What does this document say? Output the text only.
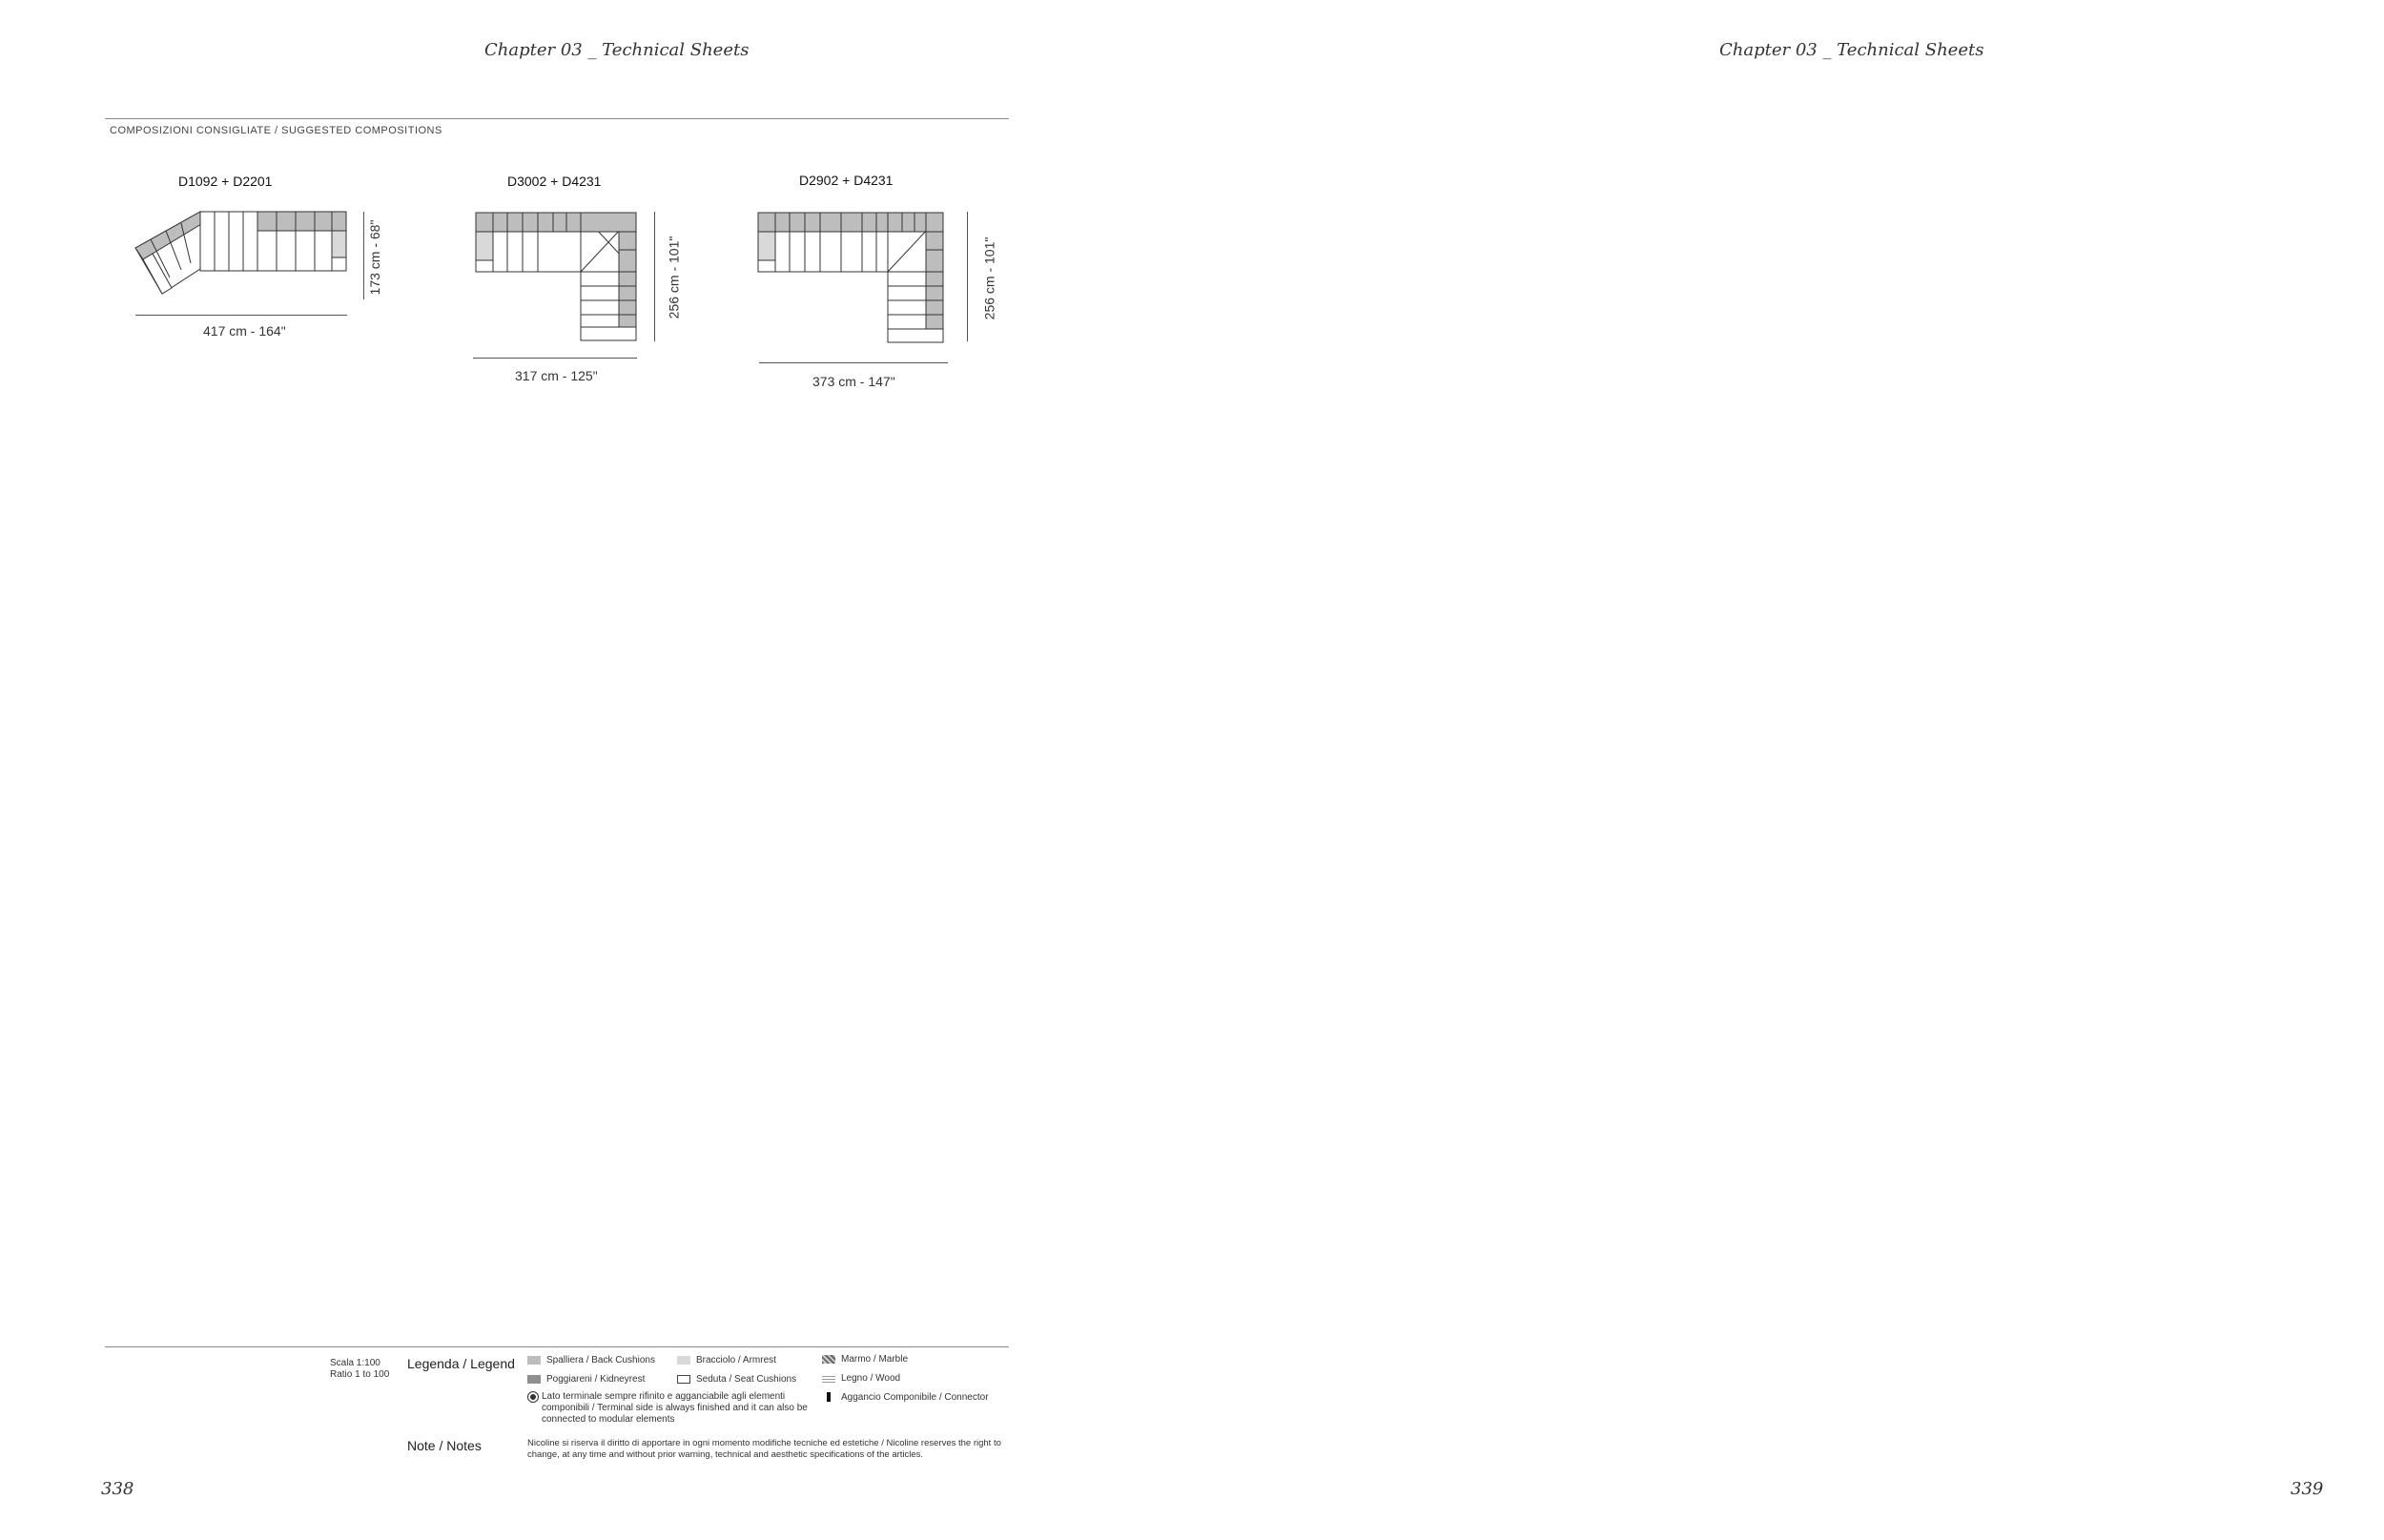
Chapter 03 _ Technical Sheets	Chapter 03 _ Technical Sheets
COMPOSIZIONI CONSIGLIATE / SUGGESTED COMPOSITIONS
D1092 + D2201	D3002 + D4231	D2902 + D4231
417 cm - 164"
173 cm - 68"
317 cm - 125"
256 cm - 101"
373 cm - 147"
256 cm - 101"
Scala 1:100
Ratio 1 to 100
Legenda / Legend	Spalliera / Back Cushions
Poggiareni / Kidneyrest
Bracciolo / Armrest
Seduta / Seat Cushions
Marmo / Marble
Legno / Wood
Aggancio Componibile / Connector
Lato terminale sempre rifinito e agganciabile agli elementi componibili / Terminal side is always finished and it can also be connected to modular elements
Note / Notes	Nicoline si riserva il diritto di apportare in ogni momento modifiche tecniche ed estetiche / Nicoline reserves the right to change, at any time and without prior warning, technical and aesthetic specifications of the articles.
338	339
